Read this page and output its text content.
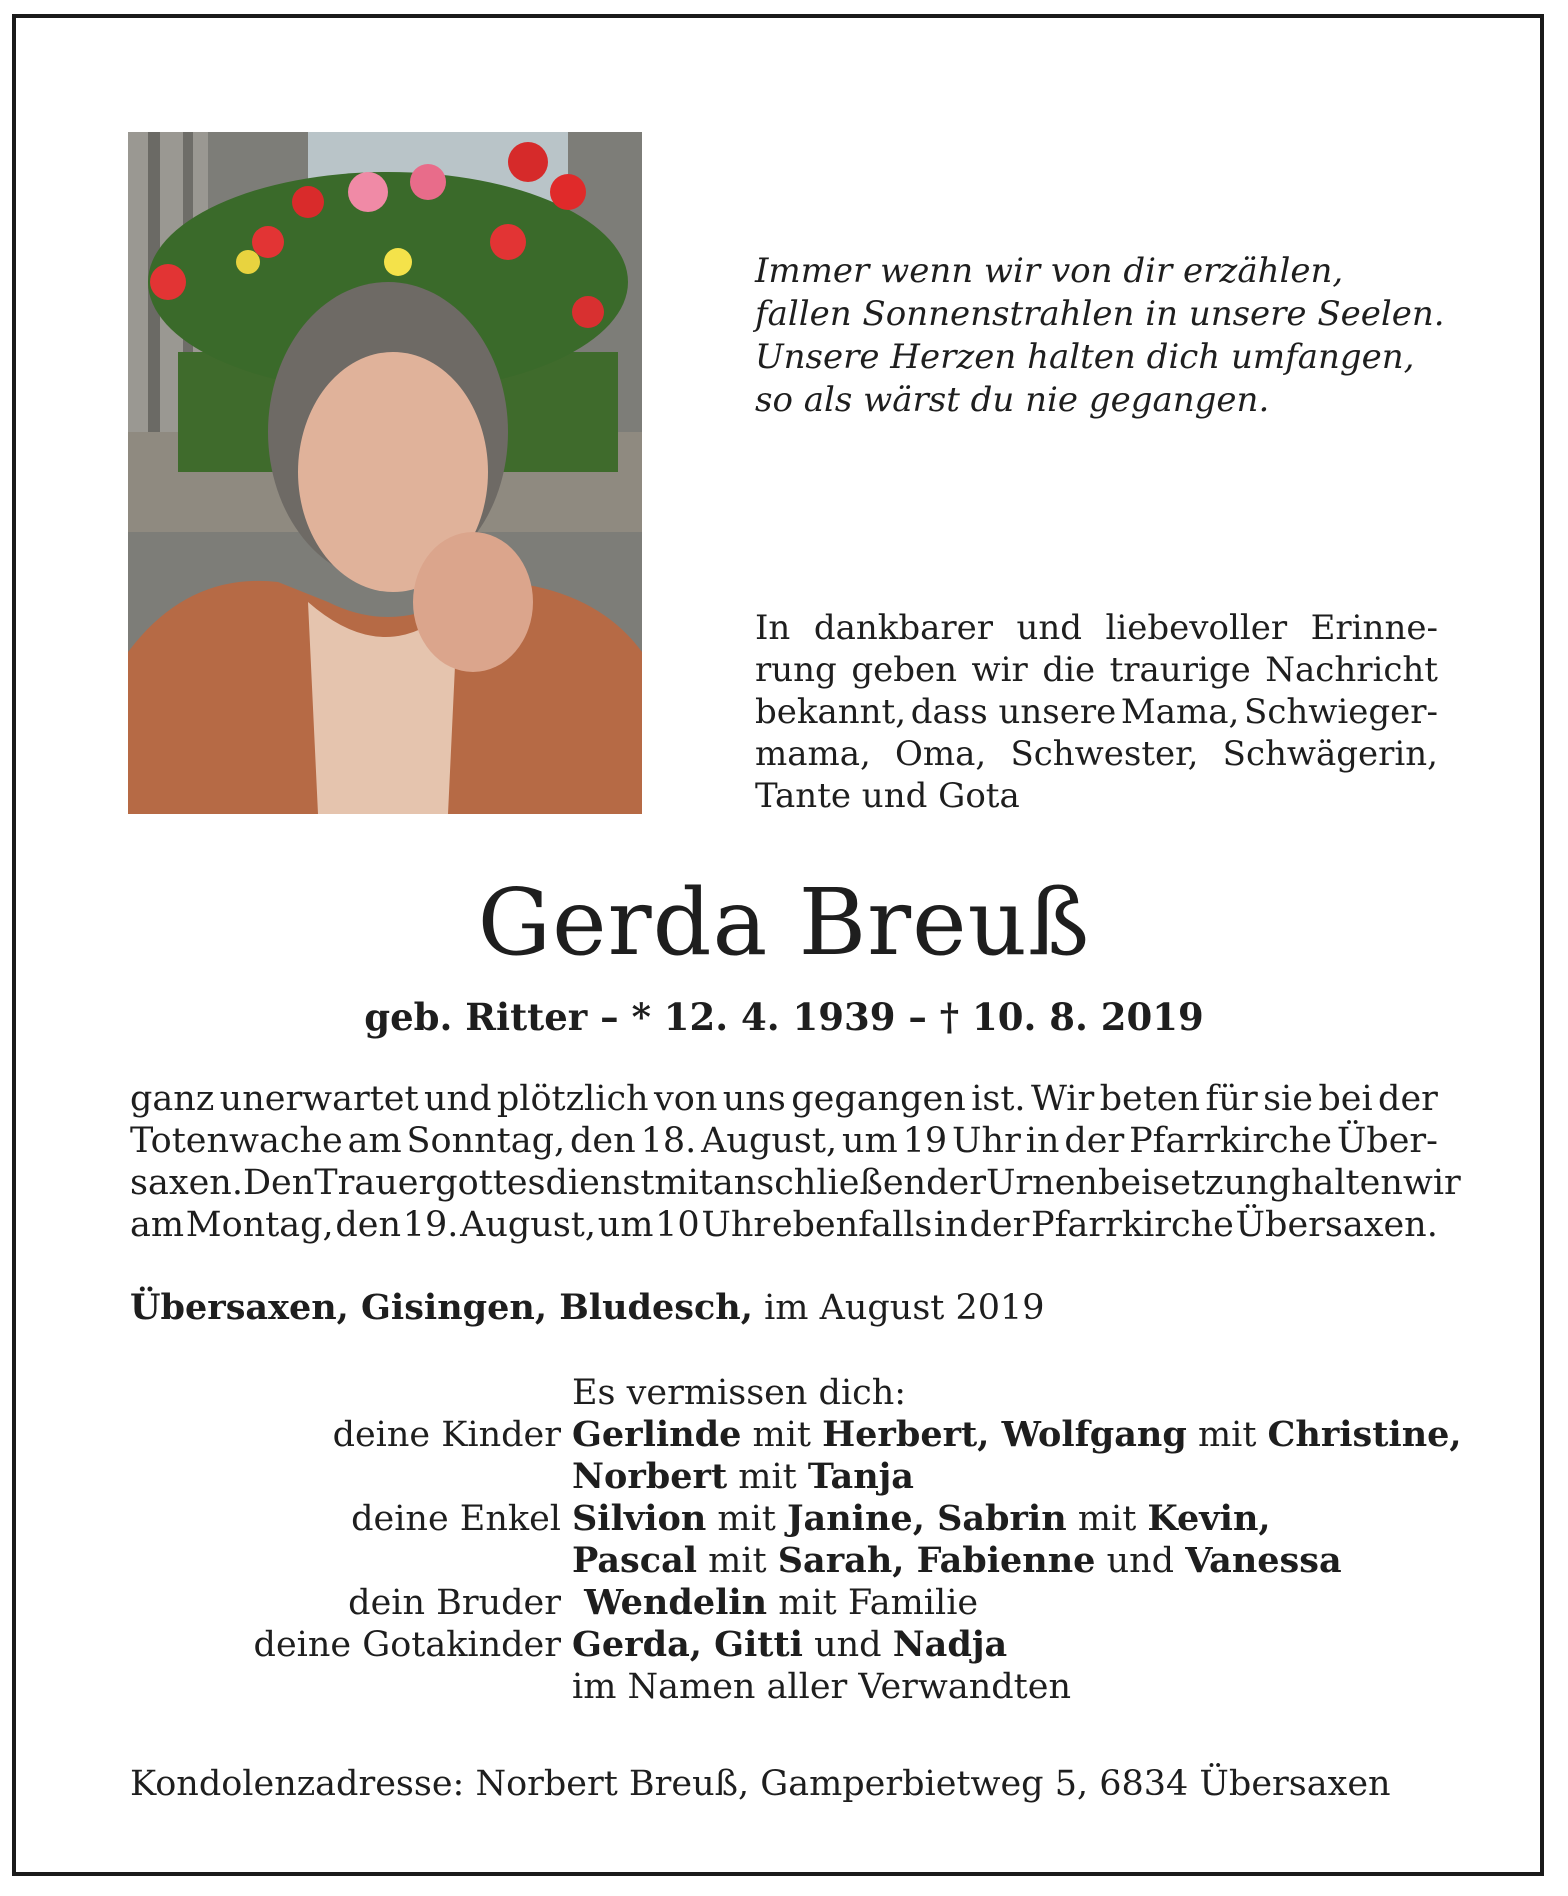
Immer wenn wir von dir erzählen,
fallen Sonnenstrahlen in unsere Seelen.
Unsere Herzen halten dich umfangen,
so als wärst du nie gegangen.
In dankbarer und liebevoller Erinne-
rung geben wir die traurige Nachricht
bekannt, dass unsere Mama, Schwieger-
mama, Oma, Schwester, Schwägerin,
Tante und Gota
Gerda Breuß
geb. Ritter – * 12. 4. 1939 – † 10. 8. 2019
ganz unerwartet und plötzlich von uns gegangen ist. Wir beten für sie bei der
Totenwache am Sonntag, den 18. August, um 19 Uhr in der Pfarrkirche Über-
saxen. Den Trauergottesdienst mit anschließender Urnenbeisetzung halten wir
am Montag, den 19. August, um 10 Uhr ebenfalls in der Pfarrkirche Übersaxen.
Übersaxen, Gisingen, Bludesch, im August 2019
Es vermissen dich:
deine Kinder Gerlinde mit Herbert, Wolfgang mit Christine,
Norbert mit Tanja
deine Enkel Silvion mit Janine, Sabrin mit Kevin,
Pascal mit Sarah, Fabienne und Vanessa
dein Bruder Wendelin mit Familie
deine Gotakinder Gerda, Gitti und Nadja
im Namen aller Verwandten
Kondolenzadresse: Norbert Breuß, Gamperbietweg 5, 6834 Übersaxen
